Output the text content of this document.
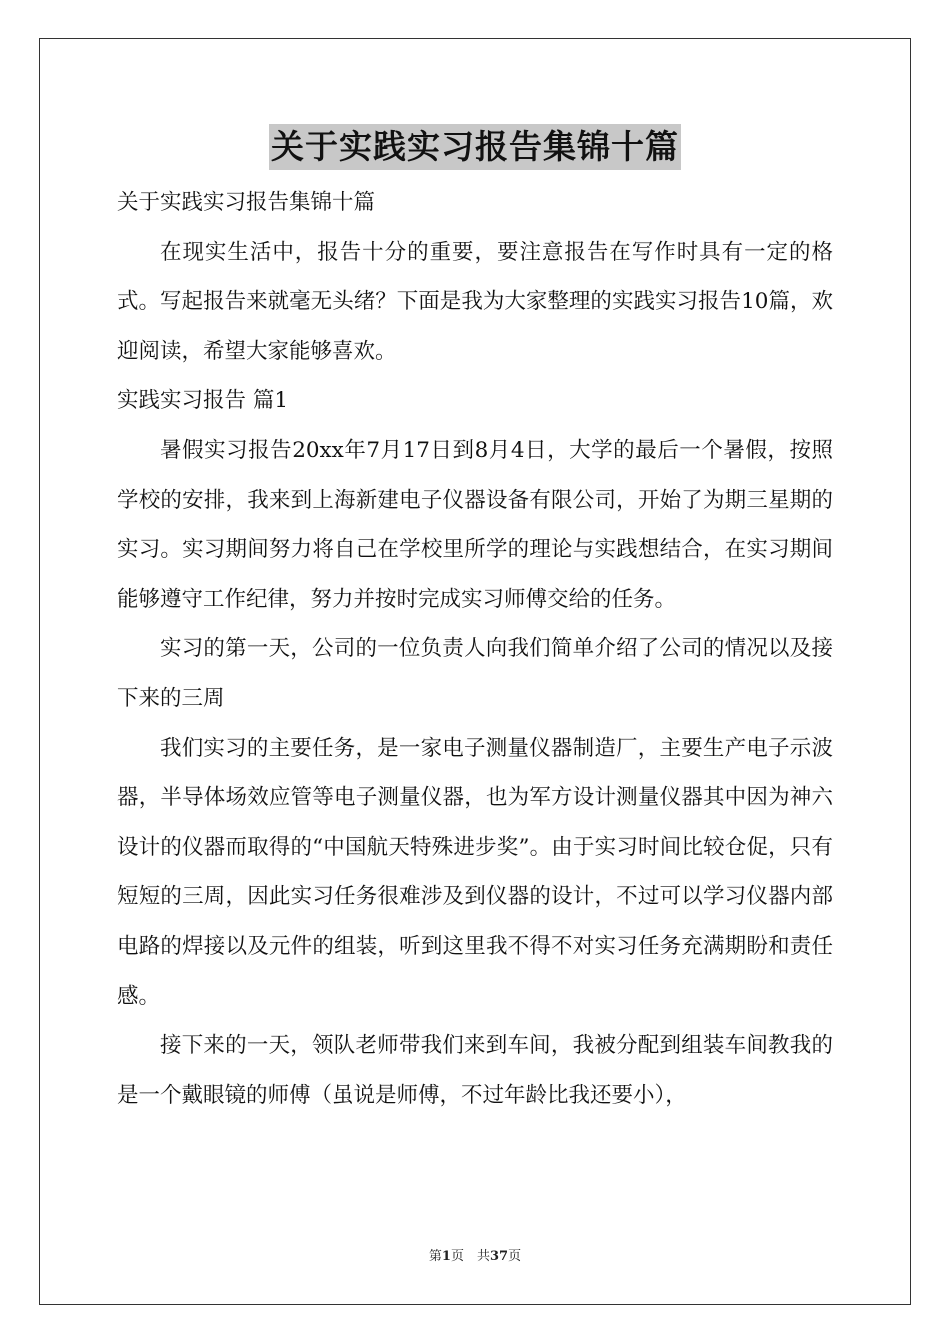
关于实践实习报告集锦十篇

关于实践实习报告集锦十篇

在现实生活中，报告十分的重要，要注意报告在写作时具有一定的格式。写起报告来就毫无头绪？下面是我为大家整理的实践实习报告10篇，欢迎阅读，希望大家能够喜欢。

实践实习报告 篇1

暑假实习报告20xx年7月17日到8月4日，大学的最后一个暑假，按照学校的安排，我来到上海新建电子仪器设备有限公司，开始了为期三星期的实习。实习期间努力将自己在学校里所学的理论与实践想结合，在实习期间能够遵守工作纪律，努力并按时完成实习师傅交给的任务。

实习的第一天，公司的一位负责人向我们简单介绍了公司的情况以及接下来的三周

我们实习的主要任务，是一家电子测量仪器制造厂，主要生产电子示波器，半导体场效应管等电子测量仪器，也为军方设计测量仪器其中因为神六设计的仪器而取得的“中国航天特殊进步奖”。由于实习时间比较仓促，只有短短的三周，因此实习任务很难涉及到仪器的设计，不过可以学习仪器内部电路的焊接以及元件的组装，听到这里我不得不对实习任务充满期盼和责任感。

接下来的一天，领队老师带我们来到车间，我被分配到组装车间教我的是一个戴眼镜的师傅（虽说是师傅，不过年龄比我还要小），

第1页　共37页
